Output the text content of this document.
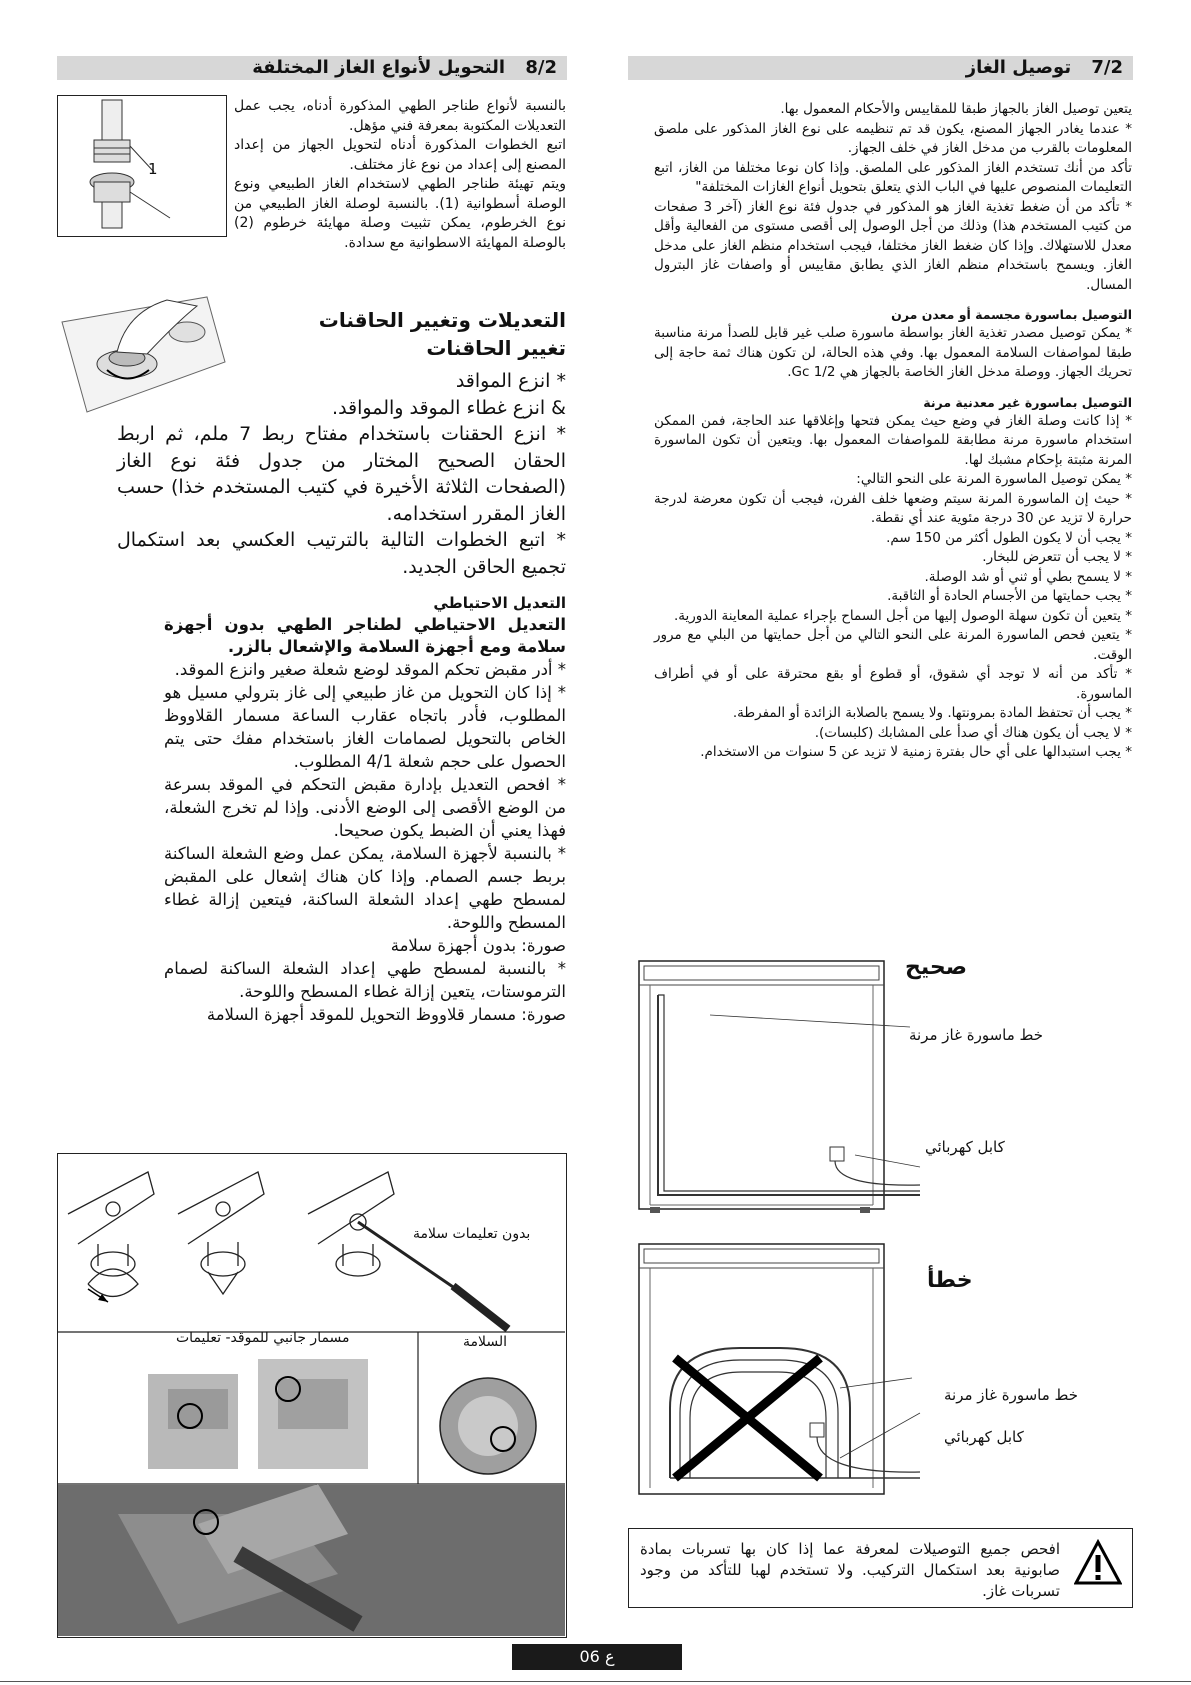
7/2 توصيل الغاز

يتعين توصيل الغاز بالجهاز طبقا للمقاييس والأحكام المعمول بها.
* عندما يغادر الجهاز المصنع، يكون قد تم تنظيمه على نوع الغاز المذكور على ملصق المعلومات بالقرب من مدخل الغاز في خلف الجهاز.
تأكد من أنك تستخدم الغاز المذكور على الملصق. وإذا كان نوعا مختلفا من الغاز، اتبع التعليمات المنصوص عليها في الباب الذي يتعلق بتحويل أنواع الغازات المختلفة"
* تأكد من أن ضغط تغذية الغاز هو المذكور في جدول فئة نوع الغاز (آخر 3 صفحات من كتيب المستخدم هذا) وذلك من أجل الوصول إلى أقصى مستوى من الفعالية وأقل معدل للاستهلاك. وإذا كان ضغط الغاز مختلفا، فيجب استخدام منظم الغاز على مدخل الغاز. ويسمح باستخدام منظم الغاز الذي يطابق مقاييس أو واصفات غاز البترول المسال.

التوصيل بماسورة مجسمة أو معدن مرن

* يمكن توصيل مصدر تغذية الغاز بواسطة ماسورة صلب غير قابل للصدأ مرنة مناسبة طبقا لمواصفات السلامة المعمول بها. وفي هذه الحالة، لن تكون هناك ثمة حاجة إلى تحريك الجهاز. ووصلة مدخل الغاز الخاصة بالجهاز هي Gc 1/2.

التوصيل بماسورة غير معدنية مرنة

* إذا كانت وصلة الغاز في وضع حيث يمكن فتحها وإغلاقها عند الحاجة، فمن الممكن استخدام ماسورة مرنة مطابقة للمواصفات المعمول بها. ويتعين أن تكون الماسورة المرنة مثبتة بإحكام مشبك لها.
* يمكن توصيل الماسورة المرنة على النحو التالي:
* حيث إن الماسورة المرنة سيتم وضعها خلف الفرن، فيجب أن تكون معرضة لدرجة حرارة لا تزيد عن 30 درجة مئوية عند أي نقطة.
* يجب أن لا يكون الطول أكثر من 150 سم.
* لا يجب أن تتعرض للبخار.
* لا يسمح بطي أو ثني أو شد الوصلة.
* يجب حمايتها من الأجسام الحادة أو الثاقبة.
* يتعين أن تكون سهلة الوصول إليها من أجل السماح بإجراء عملية المعاينة الدورية.
* يتعين فحص الماسورة المرنة على النحو التالي من أجل حمايتها من البلي مع مرور الوقت.
* تأكد من أنه لا توجد أي شقوق، أو قطوع أو بقع محترقة على أو في أطراف الماسورة.
* يجب أن تحتفظ المادة بمرونتها. ولا يسمح بالصلابة الزائدة أو المفرطة.
* لا يجب أن يكون هناك أي صدأ على المشابك (كلبسات).
* يجب استبدالها على أي حال بفترة زمنية لا تزيد عن 5 سنوات من الاستخدام.

صحيح
خط ماسورة غاز مرنة
كابل كهربائي
خطأ
خط ماسورة غاز مرنة
كابل كهربائي

افحص جميع التوصيلات لمعرفة عما إذا كان بها تسربات بمادة صابونية بعد استكمال التركيب. ولا تستخدم لهبا للتأكد من وجود تسربات غاز.

8/2 التحويل لأنواع الغاز المختلفة
1

بالنسبة لأنواع طناجر الطهي المذكورة أدناه، يجب عمل التعديلات المكتوبة بمعرفة فني مؤهل.
اتبع الخطوات المذكورة أدناه لتحويل الجهاز من إعداد المصنع إلى إعداد من نوع غاز مختلف.
ويتم تهيئة طناجر الطهي لاستخدام الغاز الطبيعي ونوع الوصلة أسطوانية (1). بالنسبة لوصلة الغاز الطبيعي من نوع الخرطوم، يمكن تثبيت وصلة مهايئة خرطوم (2) بالوصلة المهايئة الاسطوانية مع سدادة.

التعديلات وتغيير الحاقنات
تغيير الحاقنات

* انزع المواقد
& انزع غطاء الموقد والمواقد.
* انزع الحقنات باستخدام مفتاح ربط 7 ملم، ثم اربط الحقان الصحيح المختار من جدول فئة نوع الغاز (الصفحات الثلاثة الأخيرة في كتيب المستخدم خذا) حسب الغاز المقرر استخدامه.
* اتبع الخطوات التالية بالترتيب العكسي بعد استكمال تجميع الحاقن الجديد.

التعديل الاحتياطي
التعديل الاحتياطي لطناجر الطهي بدون أجهزة سلامة ومع أجهزة السلامة والإشعال بالزر.

* أدر مقبض تحكم الموقد لوضع شعلة صغير وانزع الموقد.
* إذا كان التحويل من غاز طبيعي إلى غاز بترولي مسيل هو المطلوب، فأدر باتجاه عقارب الساعة مسمار القلاووظ الخاص بالتحويل لصمامات الغاز باستخدام مفك حتى يتم الحصول على حجم شعلة 4/1 المطلوب.
* افحص التعديل بإدارة مقبض التحكم في الموقد بسرعة من الوضع الأقصى إلى الوضع الأدنى. وإذا لم تخرج الشعلة، فهذا يعني أن الضبط يكون صحيحا.
* بالنسبة لأجهزة السلامة، يمكن عمل وضع الشعلة الساكنة بربط جسم الصمام. وإذا كان هناك إشعال على المقبض لمسطح طهي إعداد الشعلة الساكنة، فيتعين إزالة غطاء المسطح واللوحة.
صورة: بدون أجهزة سلامة
* بالنسبة لمسطح طهي إعداد الشعلة الساكنة لصمام الترموستات، يتعين إزالة غطاء المسطح واللوحة.
صورة: مسمار قلاووظ التحويل للموقد أجهزة السلامة

بدون تعليمات سلامة
مسمار جانبي للموقد- تعليمات	السلامة
ع 06
